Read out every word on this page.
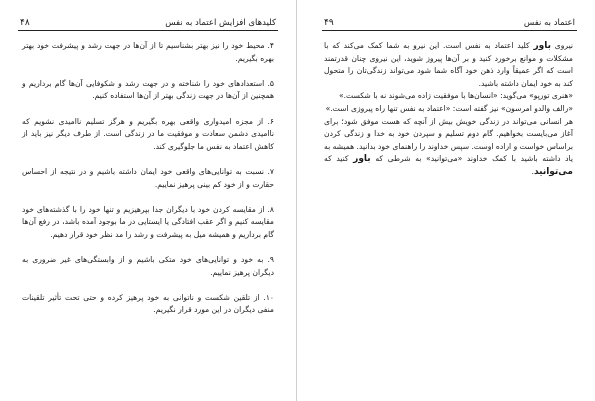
۴۸	کلیدهای افزایش اعتماد به نفس

۴. محیط خود را نیز بهتر بشناسیم تا از آن‌ها در جهت رشد و پیشرفت خود بهتر بهره بگیریم.

۵. استعدادهای خود را شناخته و در جهت رشد و شکوفایی آن‌ها گام برداریم و همچنین از آن‌ها در جهت زندگی بهتر از آن‌ها استفاده کنیم.

۶. از مجزه امیدواری واقعی بهره بگیریم و هرگز تسلیم ناامیدی نشویم که ناامیدی دشمن سعادت و موفقیت ما در زندگی است. از طرف دیگر نیز باید از کاهش اعتماد به نفس ما جلوگیری کند.

۷. نسبت به توانایی‌های واقعی خود ایمان داشته باشیم و در نتیجه از احساس حقارت و از خود کم بینی پرهیز نماییم.

۸. از مقایسه کردن خود با دیگران جدا بپرهیزیم و تنها خود را با گذشته‌های خود مقایسه کنیم و اگر عقب افتادگی یا ایستایی در ما بوجود آمده باشد، در رفع آن‌ها گام برداریم و همیشه میل به پیشرفت و رشد را مد نظر خود قرار دهیم.

۹. به خود و توانایی‌های خود متکی باشیم و از وابستگی‌های غیر ضروری به دیگران پرهیز نماییم.

۱۰. از تلقین شکست و ناتوانی به خود پرهیز کرده و حتی تحت تأثیر تلقینات منفی دیگران در این مورد قرار نگیریم.

۴۹	اعتماد به نفس

نیروی باور کلید اعتماد به نفس است. این نیرو به شما کمک می‌کند که با مشکلات و موانع برخورد کنید و بر آن‌ها پیروز شوید، این نیروی چنان قدرتمند است که اگر عمیقاً وارد ذهن خود آگاه شما شود می‌تواند زندگی‌تان را متحول کند به خود ایمان داشته باشید.

«هنری تورپو» می‌گوید: «انسان‌ها با موفقیت زاده می‌شوند نه با شکست.»

«رالف والدو امرسون» نیز گفته است: «اعتماد به نفس تنها راه پیروزی است.»

هر انسانی می‌تواند در زندگی خویش بیش از آنچه که هست موفق شود؛ برای آغاز می‌بایست بخواهیم. گام دوم تسلیم و سپردن خود به خدا و زندگی کردن براساس خواست و اراده اوست. سپس خداوند را راهنمای خود بدانید. همیشه به یاد داشته باشید با کمک خداوند «می‌توانید» به شرطی که باور کنید که می‌توانید.
